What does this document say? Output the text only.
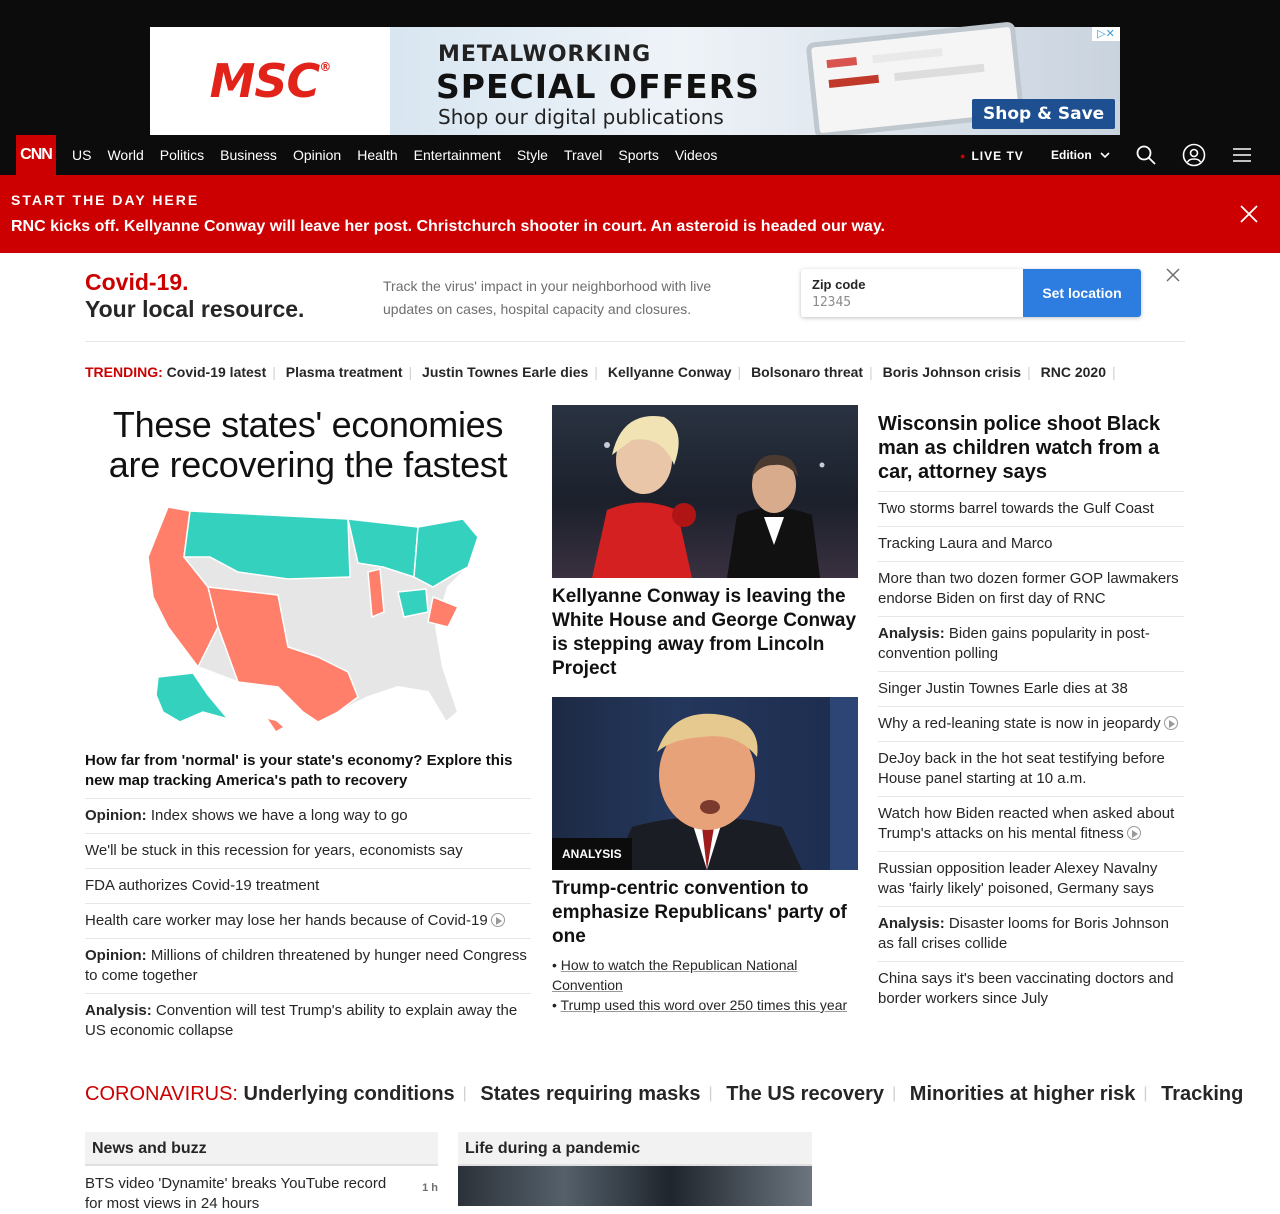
MSC®	METALWORKING
SPECIAL OFFERS
Shop our digital publications	Shop & Save
▷✕
CNN US World Politics Business Opinion Health Entertainment Style Travel Sports Videos	● LIVE TV Edition
START THE DAY HERE
RNC kicks off. Kellyanne Conway will leave her post. Christchurch shooter in court. An asteroid is headed our way.
Covid-19.
Your local resource.
Track the virus' impact in your neighborhood with live updates on cases, hospital capacity and closures.
Zip code
12345
Set location
TRENDING: Covid-19 latest | Plasma treatment | Justin Townes Earle dies | Kellyanne Conway | Bolsonaro threat | Boris Johnson crisis | RNC 2020 |
These states' economies are recovering the fastest
How far from 'normal' is your state's economy? Explore this new map tracking America's path to recovery
Opinion: Index shows we have a long way to go
We'll be stuck in this recession for years, economists say
FDA authorizes Covid-19 treatment
Health care worker may lose her hands because of Covid-19
Opinion: Millions of children threatened by hunger need Congress to come together
Analysis: Convention will test Trump's ability to explain away the US economic collapse
Kellyanne Conway is leaving the White House and George Conway is stepping away from Lincoln Project
ANALYSIS
Trump-centric convention to emphasize Republicans' party of one
• How to watch the Republican National Convention
• Trump used this word over 250 times this year
Wisconsin police shoot Black man as children watch from a car, attorney says
Two storms barrel towards the Gulf Coast
Tracking Laura and Marco
More than two dozen former GOP lawmakers endorse Biden on first day of RNC
Analysis: Biden gains popularity in post-convention polling
Singer Justin Townes Earle dies at 38
Why a red-leaning state is now in jeopardy
DeJoy back in the hot seat testifying before House panel starting at 10 a.m.
Watch how Biden reacted when asked about Trump's attacks on his mental fitness
Russian opposition leader Alexey Navalny was 'fairly likely' poisoned, Germany says
Analysis: Disaster looms for Boris Johnson as fall crises collide
China says it's been vaccinating doctors and border workers since July
CORONAVIRUS: Underlying conditions | States requiring masks | The US recovery | Minorities at higher risk | Tracking
News and buzz
BTS video 'Dynamite' breaks YouTube record for most views in 24 hours
1 h
Life during a pandemic
